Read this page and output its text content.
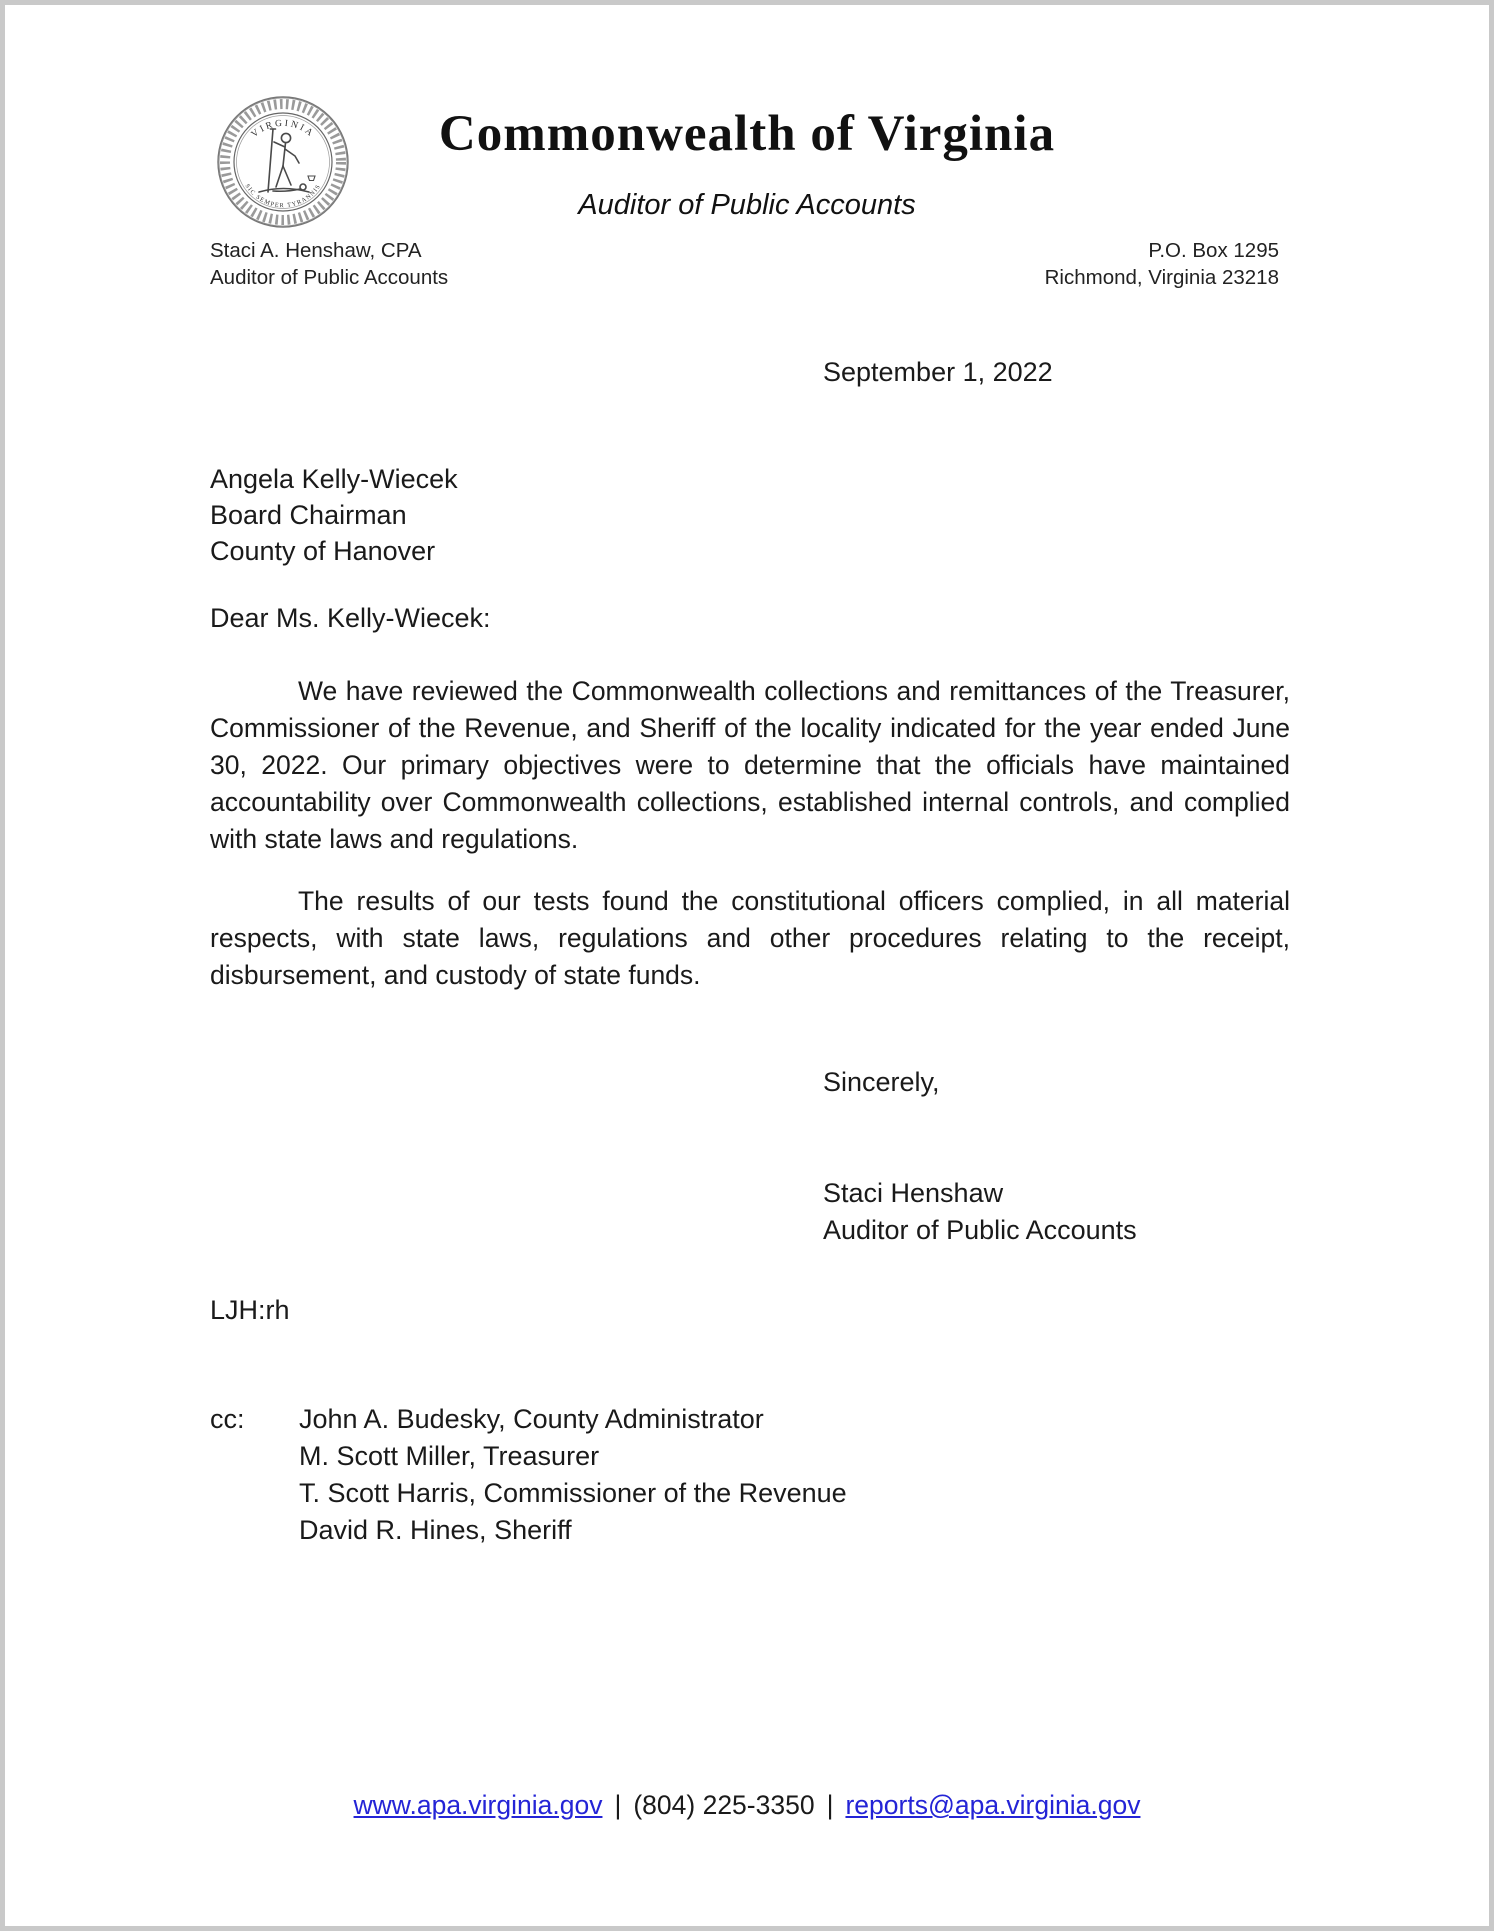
VIRGINIA
SIC SEMPER TYRANNIS
Commonwealth of Virginia
Auditor of Public Accounts
Staci A. Henshaw, CPA
Auditor of Public Accounts
P.O. Box 1295
Richmond, Virginia 23218
September 1, 2022
Angela Kelly-Wiecek
Board Chairman
County of Hanover
Dear Ms. Kelly-Wiecek:

We have reviewed the Commonwealth collections and remittances of the Treasurer, Commissioner of the Revenue, and Sheriff of the locality indicated for the year ended June 30, 2022. Our primary objectives were to determine that the officials have maintained accountability over Commonwealth collections, established internal controls, and complied with state laws and regulations.

The results of our tests found the constitutional officers complied, in all material respects, with state laws, regulations and other procedures relating to the receipt, disbursement, and custody of state funds.

Sincerely,
Staci Henshaw
Auditor of Public Accounts
LJH:rh
cc:	John A. Budesky, County Administrator
M. Scott Miller, Treasurer
T. Scott Harris, Commissioner of the Revenue
David R. Hines, Sheriff
www.apa.virginia.gov | (804) 225-3350 | reports@apa.virginia.gov
